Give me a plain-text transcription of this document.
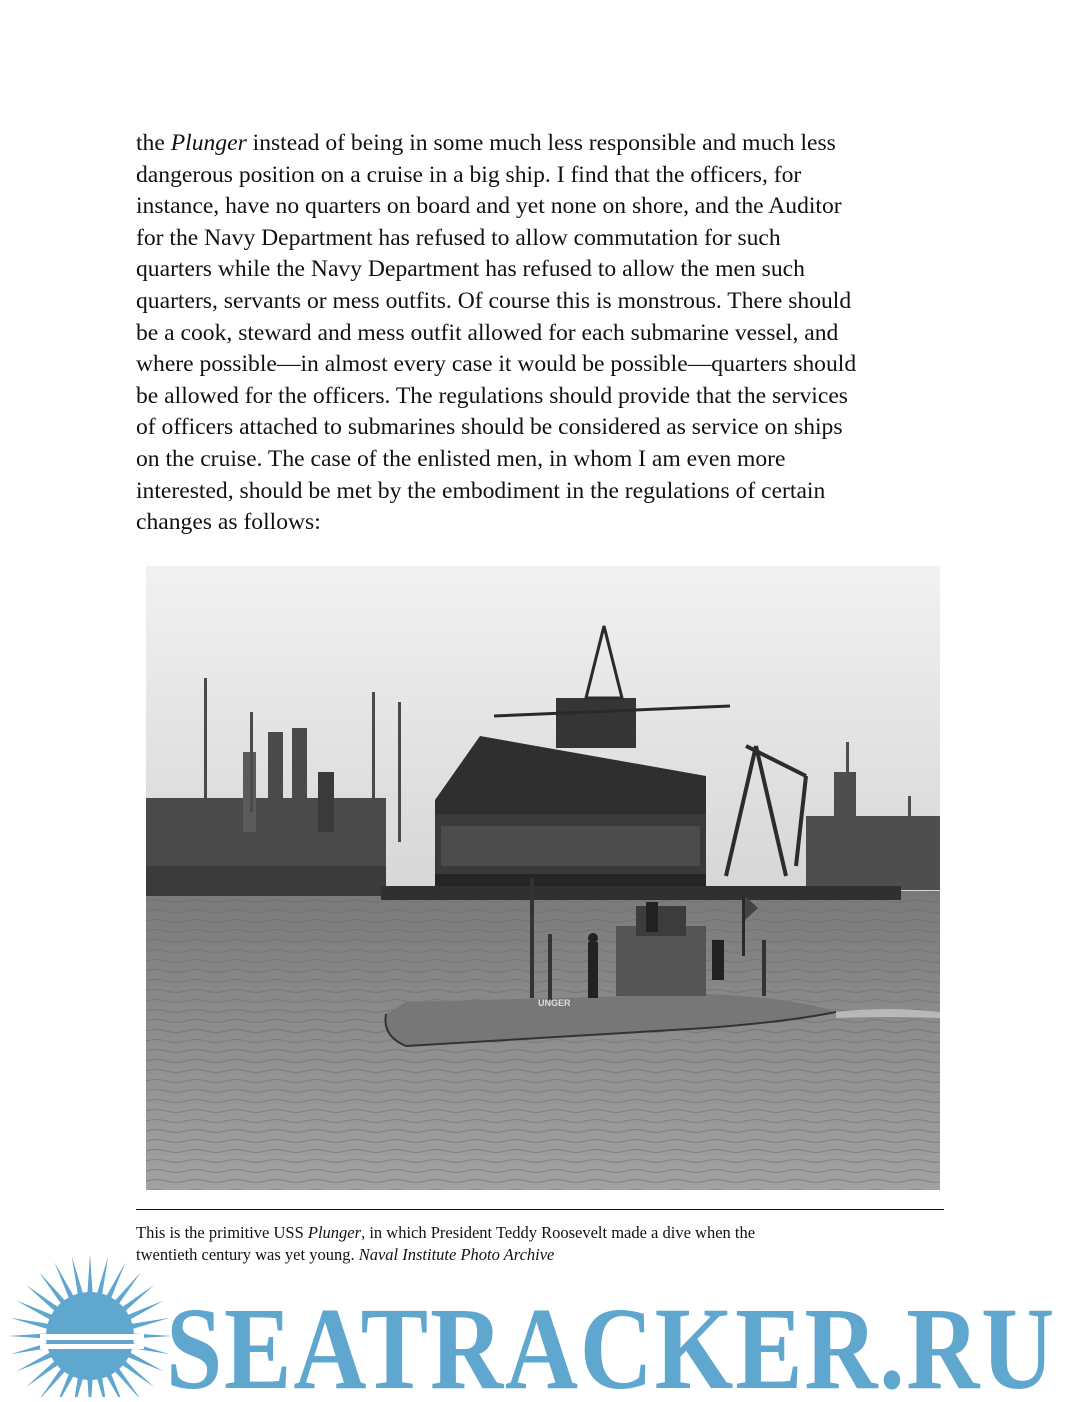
the Plunger instead of being in some much less responsible and much less
dangerous position on a cruise in a big ship. I find that the officers, for
instance, have no quarters on board and yet none on shore, and the Auditor
for the Navy Department has refused to allow commutation for such
quarters while the Navy Department has refused to allow the men such
quarters, servants or mess outfits. Of course this is monstrous. There should
be a cook, steward and mess outfit allowed for each submarine vessel, and
where possible—in almost every case it would be possible—quarters should
be allowed for the officers. The regulations should provide that the services
of officers attached to submarines should be considered as service on ships
on the cruise. The case of the enlisted men, in whom I am even more
interested, should be met by the embodiment in the regulations of certain
changes as follows:
UNGER
This is the primitive USS Plunger, in which President Teddy Roosevelt made a dive when the
twentieth century was yet young. Naval Institute Photo Archive
SEATRACKER.RU
